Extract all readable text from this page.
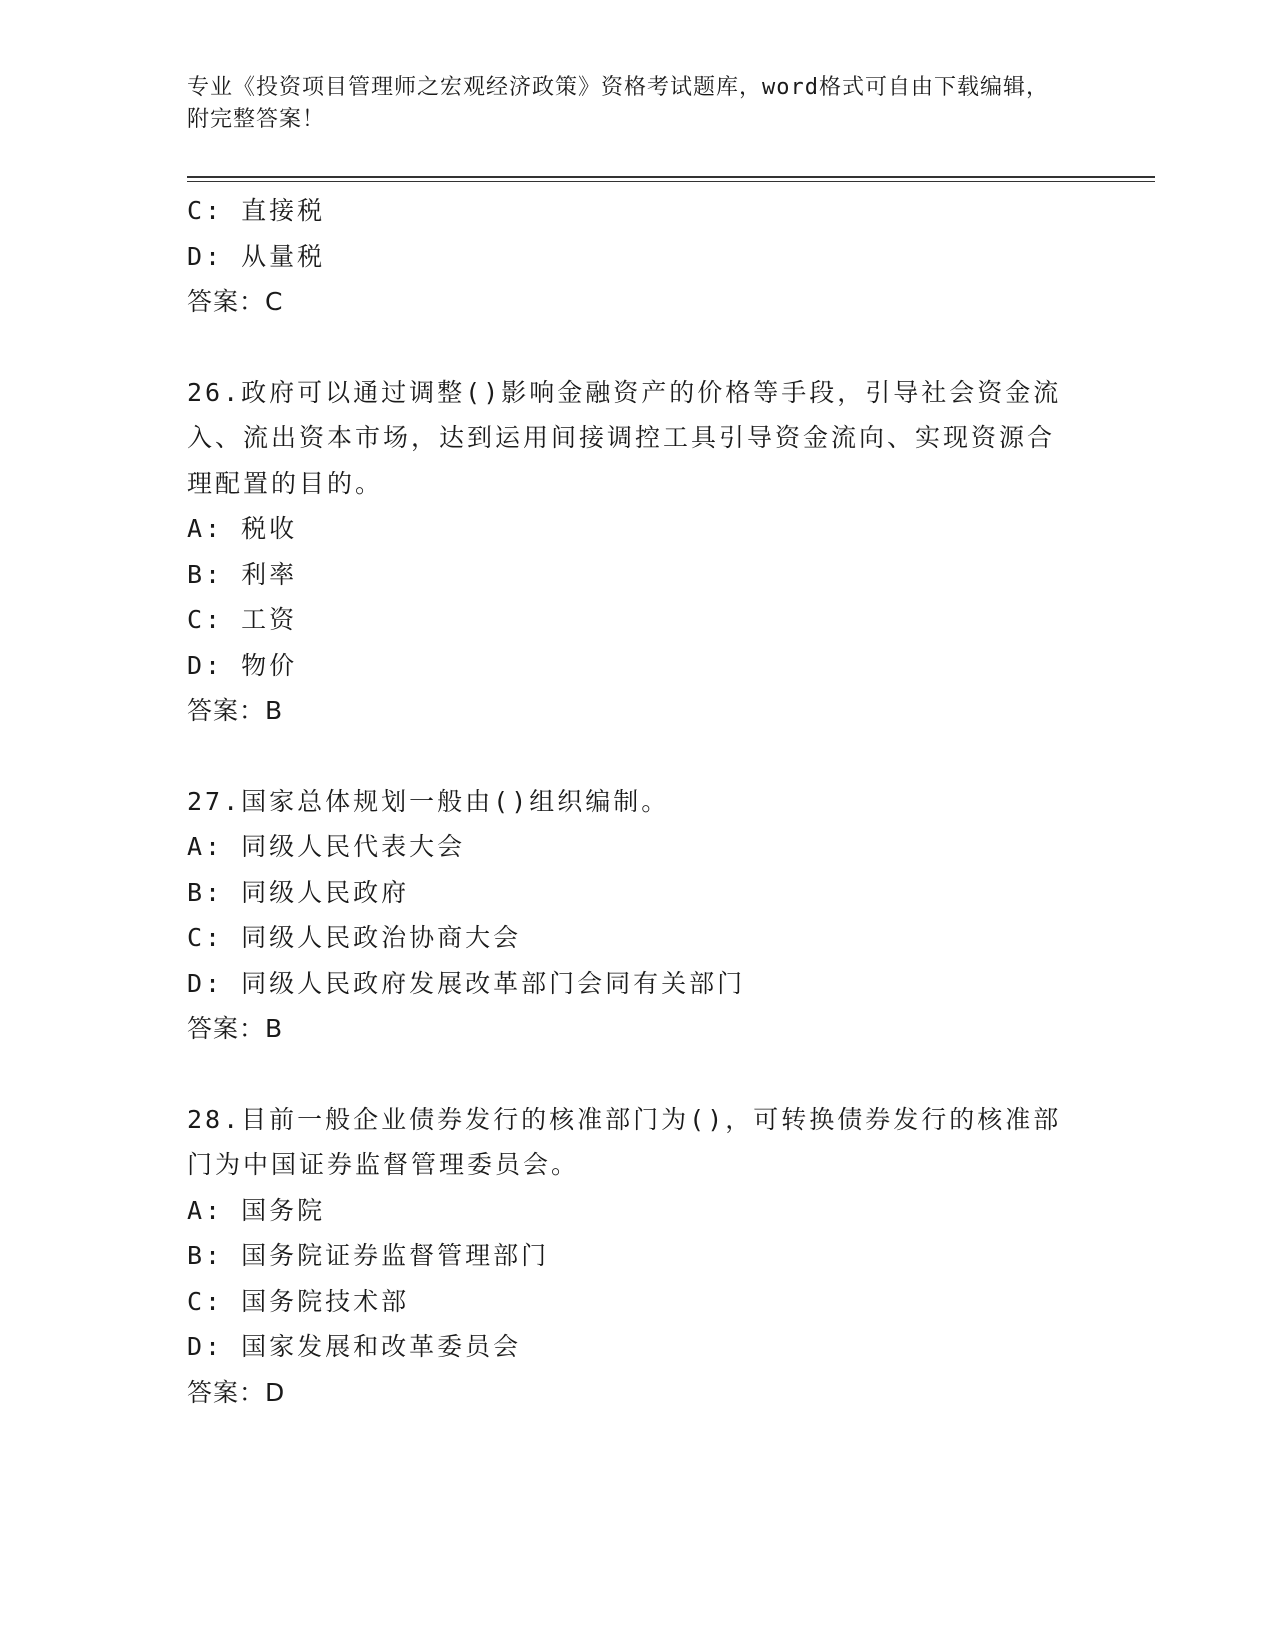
专业《投资项目管理师之宏观经济政策》资格考试题库，word格式可自由下载编辑，附完整答案！
C: 直接税
D: 从量税
答案：C
26.政府可以通过调整()影响金融资产的价格等手段，引导社会资金流入、流出资本市场，达到运用间接调控工具引导资金流向、实现资源合理配置的目的。
A: 税收
B: 利率
C: 工资
D: 物价
答案：B
27.国家总体规划一般由()组织编制。
A: 同级人民代表大会
B: 同级人民政府
C: 同级人民政治协商大会
D: 同级人民政府发展改革部门会同有关部门
答案：B
28.目前一般企业债券发行的核准部门为()，可转换债券发行的核准部门为中国证券监督管理委员会。
A: 国务院
B: 国务院证券监督管理部门
C: 国务院技术部
D: 国家发展和改革委员会
答案：D
